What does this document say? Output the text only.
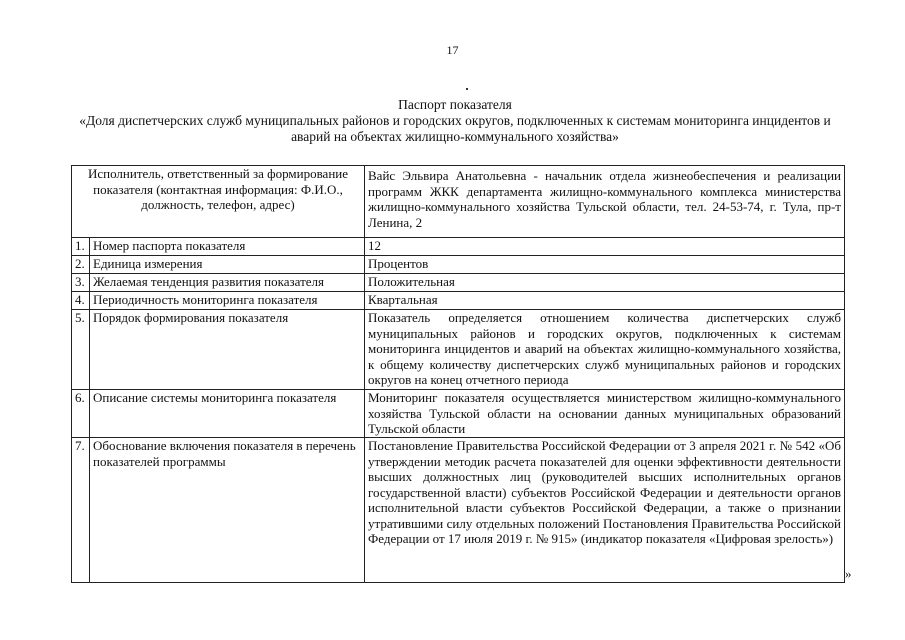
17
Паспорт показателя
«Доля диспетчерских служб муниципальных районов и городских округов, подключенных к системам мониторинга инцидентов и аварий на объектах жилищно-коммунального хозяйства»
Исполнитель, ответственный за формирование показателя (контактная информация: Ф.И.О., должность, телефон, адрес)		Вайс Эльвира Анатольевна - начальник отдела жизнеобеспечения и реализации программ ЖКК департамента жилищно-коммунального комплекса министерства жилищно-коммунального хозяйства Тульской области, тел. 24-53-74, г. Тула, пр-т Ленина, 2
1.	Номер паспорта показателя	12
2.	Единица измерения	Процентов
3.	Желаемая тенденция развития показателя	Положительная
4.	Периодичность мониторинга показателя	Квартальная
5.	Порядок формирования показателя	Показатель определяется отношением количества диспетчерских служб муниципальных районов и городских округов, подключенных к системам мониторинга инцидентов и аварий на объектах жилищно-коммунального хозяйства, к общему количеству диспетчерских служб муниципальных районов и городских округов на конец отчетного периода
6.	Описание системы мониторинга показателя	Мониторинг показателя осуществляется министерством жилищно-коммунального хозяйства Тульской области на основании данных муниципальных образований Тульской области
7.	Обоснование включения показателя в перечень показателей программы	Постановление Правительства Российской Федерации от 3 апреля 2021 г. № 542 «Об утверждении методик расчета показателей для оценки эффективности деятельности высших должностных лиц (руководителей высших исполнительных органов государственной власти) субъектов Российской Федерации и деятельности органов исполнительной власти субъектов Российской Федерации, а также о признании утратившими силу отдельных положений Постановления Правительства Российской Федерации от 17 июля 2019 г. № 915» (индикатор показателя «Цифровая зрелость»)
»
